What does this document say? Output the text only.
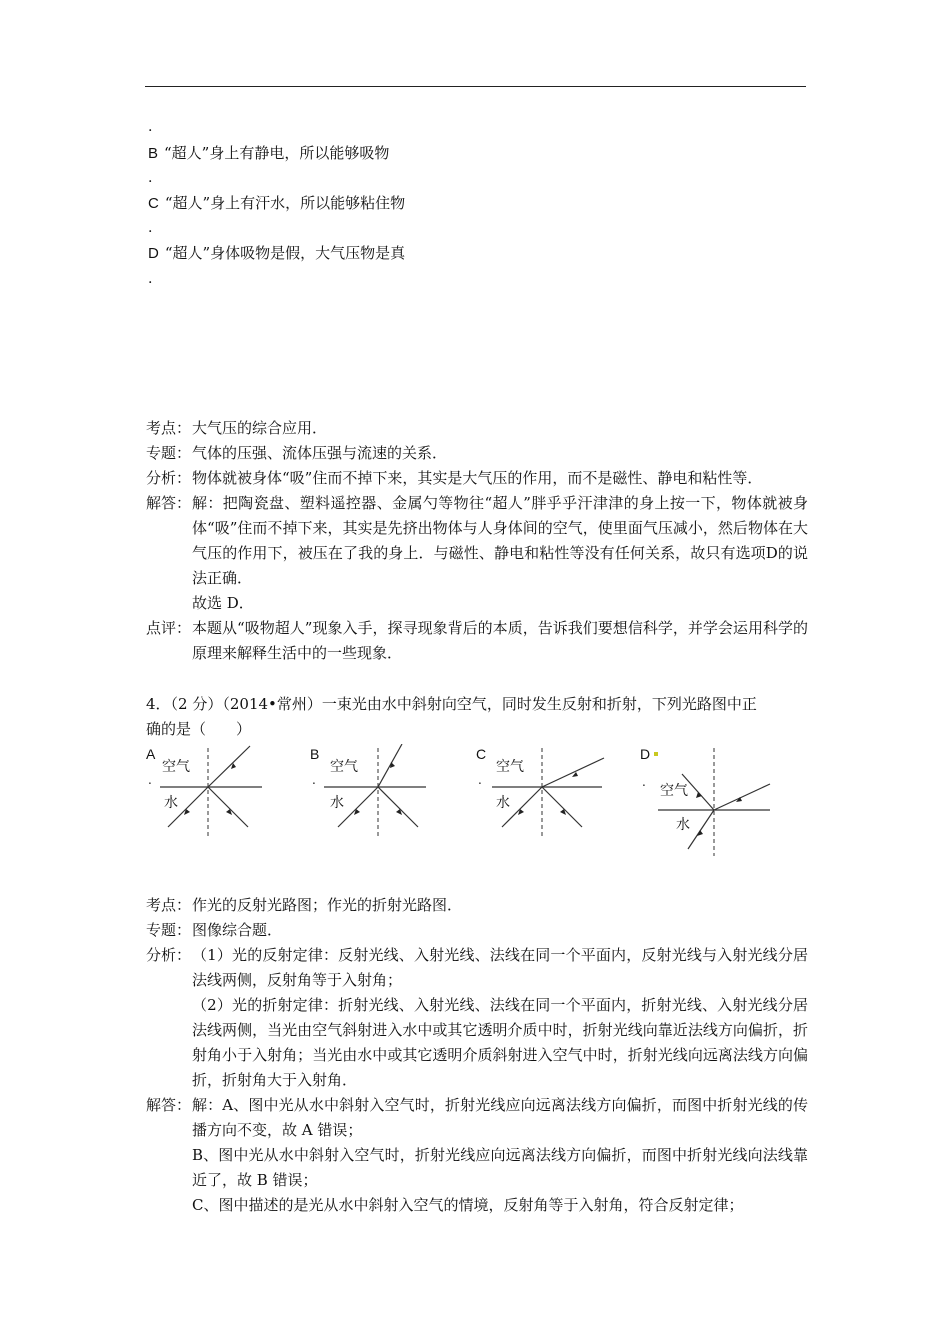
.
B “超人”身上有静电，所以能够吸物
.
C “超人”身上有汗水，所以能够粘住物
.
D “超人”身体吸物是假，大气压物是真
.
考点： 大气压的综合应用．
专题： 气体的压强、流体压强与流速的关系．
分析： 物体就被身体“吸”住而不掉下来，其实是大气压的作用，而不是磁性、静电和粘性等．
解答： 解：把陶瓷盘、塑料遥控器、金属勺等物往“超人”胖乎乎汗津津的身上按一下，物体就被身体“吸”住而不掉下来，其实是先挤出物体与人身体间的空气，使里面气压减小，然后物体在大气压的作用下，被压在了我的身上．与磁性、静电和粘性等没有任何关系，故只有选项D的说法正确．
故选 D．
点评： 本题从“吸物超人”现象入手，探寻现象背后的本质，告诉我们要想信科学，并学会运用科学的原理来解释生活中的一些现象．
4．（2 分）（2014•常州）一束光由水中斜射向空气，同时发生反射和折射，下列光路图中正
确的是（　　）
A
.
空气
水
B
.
空气
水
C
.
空气
水
D
. 空气
水
考点： 作光的反射光路图；作光的折射光路图．
专题： 图像综合题．
分析： （1）光的反射定律：反射光线、入射光线、法线在同一个平面内，反射光线与入射光线分居法线两侧，反射角等于入射角；
（2）光的折射定律：折射光线、入射光线、法线在同一个平面内，折射光线、入射光线分居法线两侧，当光由空气斜射进入水中或其它透明介质中时，折射光线向靠近法线方向偏折，折射角小于入射角；当光由水中或其它透明介质斜射进入空气中时，折射光线向远离法线方向偏折，折射角大于入射角．
解答： 解：A、图中光从水中斜射入空气时，折射光线应向远离法线方向偏折，而图中折射光线的传播方向不变，故 A 错误；
B、图中光从水中斜射入空气时，折射光线应向远离法线方向偏折，而图中折射光线向法线靠近了，故 B 错误；
C、图中描述的是光从水中斜射入空气的情境，反射角等于入射角，符合反射定律；
